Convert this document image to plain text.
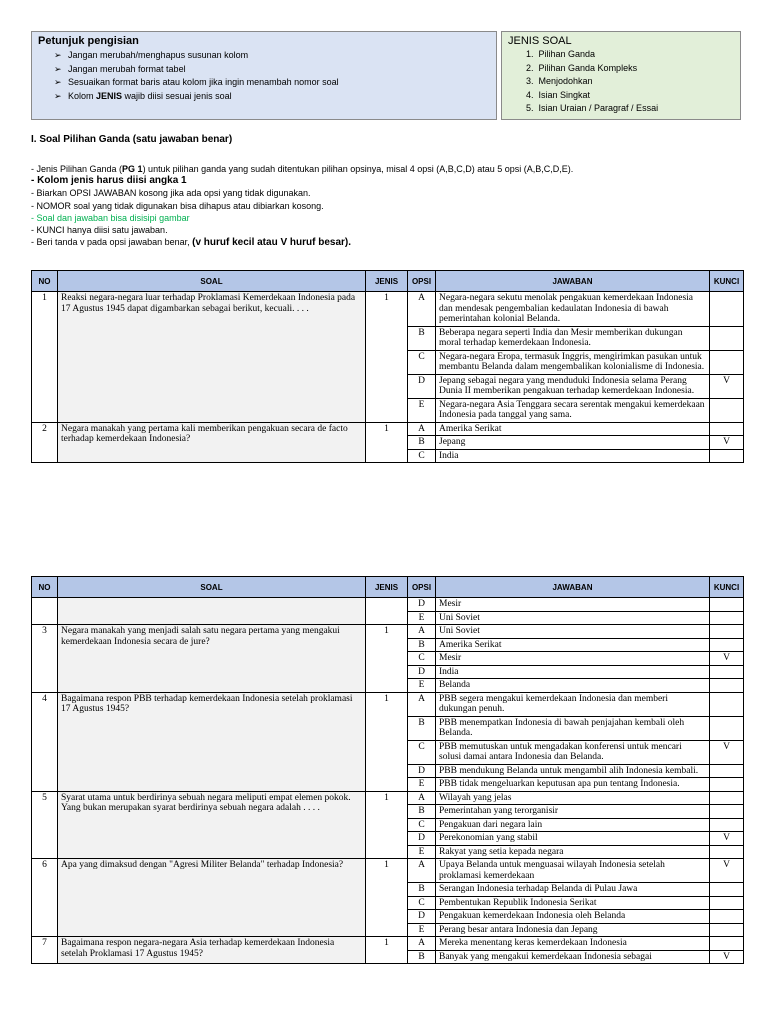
Petunjuk pengisian
➢ Jangan merubah/menghapus susunan kolom
➢ Jangan merubah format tabel
➢ Sesuaikan format baris atau kolom jika ingin menambah nomor soal
➢ Kolom JENIS wajib diisi sesuai jenis soal
JENIS SOAL
1.  Pilihan Ganda
2.  Pilihan Ganda Kompleks
3.  Menjodohkan
4.  Isian Singkat
5.  Isian Uraian / Paragraf / Essai
I. Soal Pilihan Ganda (satu jawaban benar)
- Jenis Pilihan Ganda (PG 1) untuk pilihan ganda yang sudah ditentukan pilihan opsinya, misal 4 opsi (A,B,C,D) atau 5 opsi (A,B,C,D,E).
- Kolom jenis harus diisi angka 1
- Biarkan OPSI JAWABAN kosong jika ada opsi yang tidak digunakan.
- NOMOR soal yang tidak digunakan bisa dihapus atau dibiarkan kosong.
- Soal dan jawaban bisa disisipi gambar
- KUNCI hanya diisi satu jawaban.
- Beri tanda v pada opsi jawaban benar, (v huruf kecil atau V huruf besar).
NO	SOAL	JENIS	OPSI	JAWABAN	KUNCI
1	Reaksi negara-negara luar terhadap Proklamasi Kemerdekaan Indonesia pada 17 Agustus 1945 dapat digambarkan sebagai berikut, kecuali. . . .	1	A	Negara-negara sekutu menolak pengakuan kemerdekaan Indonesia dan mendesak pengembalian kedaulatan Indonesia di bawah pemerintahan kolonial Belanda.	
			B	Beberapa negara seperti India dan Mesir memberikan dukungan moral terhadap kemerdekaan Indonesia.	
			C	Negara-negara Eropa, termasuk Inggris, mengirimkan pasukan untuk membantu Belanda dalam mengembalikan kolonialisme di Indonesia.	
			D	Jepang sebagai negara yang menduduki Indonesia selama Perang Dunia II memberikan pengakuan terhadap kemerdekaan Indonesia.	V
			E	Negara-negara Asia Tenggara secara serentak mengakui kemerdekaan Indonesia pada tanggal yang sama.	
2	Negara manakah yang pertama kali memberikan pengakuan secara de facto terhadap kemerdekaan Indonesia?	1	A	Amerika Serikat	
			B	Jepang	V
			C	India	
NO	SOAL	JENIS	OPSI	JAWABAN	KUNCI
			D	Mesir	
			E	Uni Soviet	
3	Negara manakah yang menjadi salah satu negara pertama yang mengakui kemerdekaan Indonesia secara de jure?	1	A	Uni Soviet	
			B	Amerika Serikat	
			C	Mesir	V
			D	India	
			E	Belanda	
4	Bagaimana respon PBB terhadap kemerdekaan Indonesia setelah proklamasi 17 Agustus 1945?	1	A	PBB segera mengakui kemerdekaan Indonesia dan memberi dukungan penuh.	
			B	PBB menempatkan Indonesia di bawah penjajahan kembali oleh Belanda.	
			C	PBB memutuskan untuk mengadakan konferensi untuk mencari solusi damai antara Indonesia dan Belanda.	V
			D	PBB mendukung Belanda untuk mengambil alih Indonesia kembali.	
			E	PBB tidak mengeluarkan keputusan apa pun tentang Indonesia.	
5	Syarat utama untuk berdirinya sebuah negara meliputi empat elemen pokok. Yang bukan merupakan syarat berdirinya sebuah negara adalah . . . .	1	A	Wilayah yang jelas	
			B	Pemerintahan yang terorganisir	
			C	Pengakuan dari negara lain	
			D	Perekonomian yang stabil	V
			E	Rakyat yang setia kepada negara	
6	Apa yang dimaksud dengan "Agresi Militer Belanda" terhadap Indonesia?	1	A	Upaya Belanda untuk menguasai wilayah Indonesia setelah proklamasi kemerdekaan	V
			B	Serangan Indonesia terhadap Belanda di Pulau Jawa	
			C	Pembentukan Republik Indonesia Serikat	
			D	Pengakuan kemerdekaan Indonesia oleh Belanda	
			E	Perang besar antara Indonesia dan Jepang	
7	Bagaimana respon negara-negara Asia terhadap kemerdekaan Indonesia setelah Proklamasi 17 Agustus 1945?	1	A	Mereka menentang keras kemerdekaan Indonesia	
			B	Banyak yang mengakui kemerdekaan Indonesia sebagai	V
